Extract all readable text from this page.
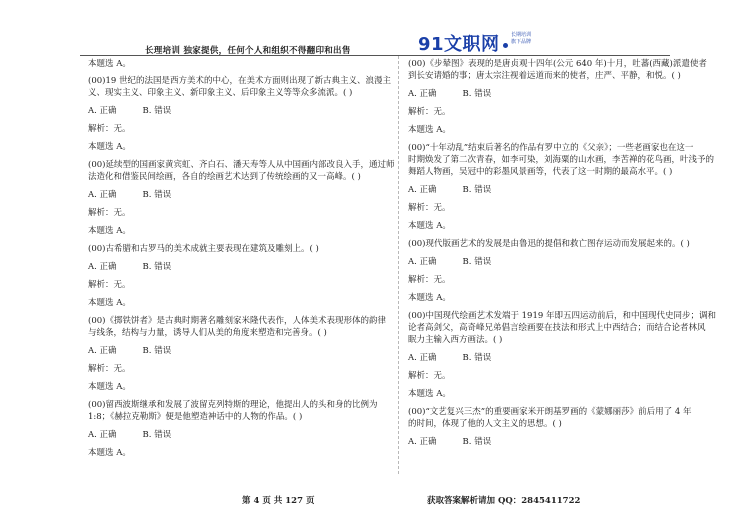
长理培训 独家提供，任何个人和组织不得翻印和出售	91文职网 长期培训
旗下品牌
本题选 A。
(00)19 世纪的法国是西方美术的中心，在美术方面则出现了新古典主义、浪漫主
义、现实主义、印象主义、新印象主义、后印象主义等等众多流派。( )
A. 正确	B. 错误
解析：无。
本题选 A。
(00)延续型的国画家黄宾虹、齐白石、潘天寿等人从中国画内部改良入手，通过师
法造化和借鉴民间绘画，各自的绘画艺术达到了传统绘画的又一高峰。( )
A. 正确	B. 错误
解析：无。
本题选 A。
(00)古希腊和古罗马的美术成就主要表现在建筑及雕刻上。( )
A. 正确	B. 错误
解析：无。
本题选 A。
(00)《掷铁饼者》是古典时期著名雕刻家米隆代表作，人体美术表现形体的韵律
与线条，结构与力量，诱导人们从美的角度来塑造和完善身。( )
A. 正确	B. 错误
解析：无。
本题选 A。
(00)留西波斯继承和发展了波留克列特斯的理论，他提出人的头和身的比例为
1:8；《赫拉克勒斯》便是他塑造神话中的人物的作品。( )
A. 正确	B. 错误
本题选 A。
(00)《步辇图》表现的是唐贞观十四年(公元 640 年)十月，吐蕃(西藏)派遣使者
到长安请婚的事；唐太宗注视着远道而来的使者，庄严、平静，和悦。( )
A. 正确	B. 错误
解析：无。
本题选 A。
(00)“十年动乱”结束后著名的作品有罗中立的《父亲》；一些老画家也在这一
时期焕发了第二次青春，如李可染，刘海粟的山水画，李苦禅的花鸟画，叶浅予的
舞蹈人物画，吴冠中的彩墨风景画等，代表了这一时期的最高水平。( )
A. 正确	B. 错误
解析：无。
本题选 A。
(00)现代版画艺术的发展是由鲁迅的提倡和救亡图存运动而发展起来的。( )
A. 正确	B. 错误
解析：无。
本题选 A。
(00)中国现代绘画艺术发端于 1919 年即五四运动前后，和中国现代史同步；调和
论者高剑父，高奇峰兄弟倡言绘画要在技法和形式上中西结合；而结合论者林风
眠力主输入西方画法。( )
A. 正确	B. 错误
解析：无。
本题选 A。
(00)“文艺复兴三杰”的重要画家米开朗基罗画的《蒙娜丽莎》前后用了 4 年
的时间，体现了他的人文主义的思想。( )
A. 正确	B. 错误
第 4 页 共 127 页	获取答案解析请加 QQ：2845411722
